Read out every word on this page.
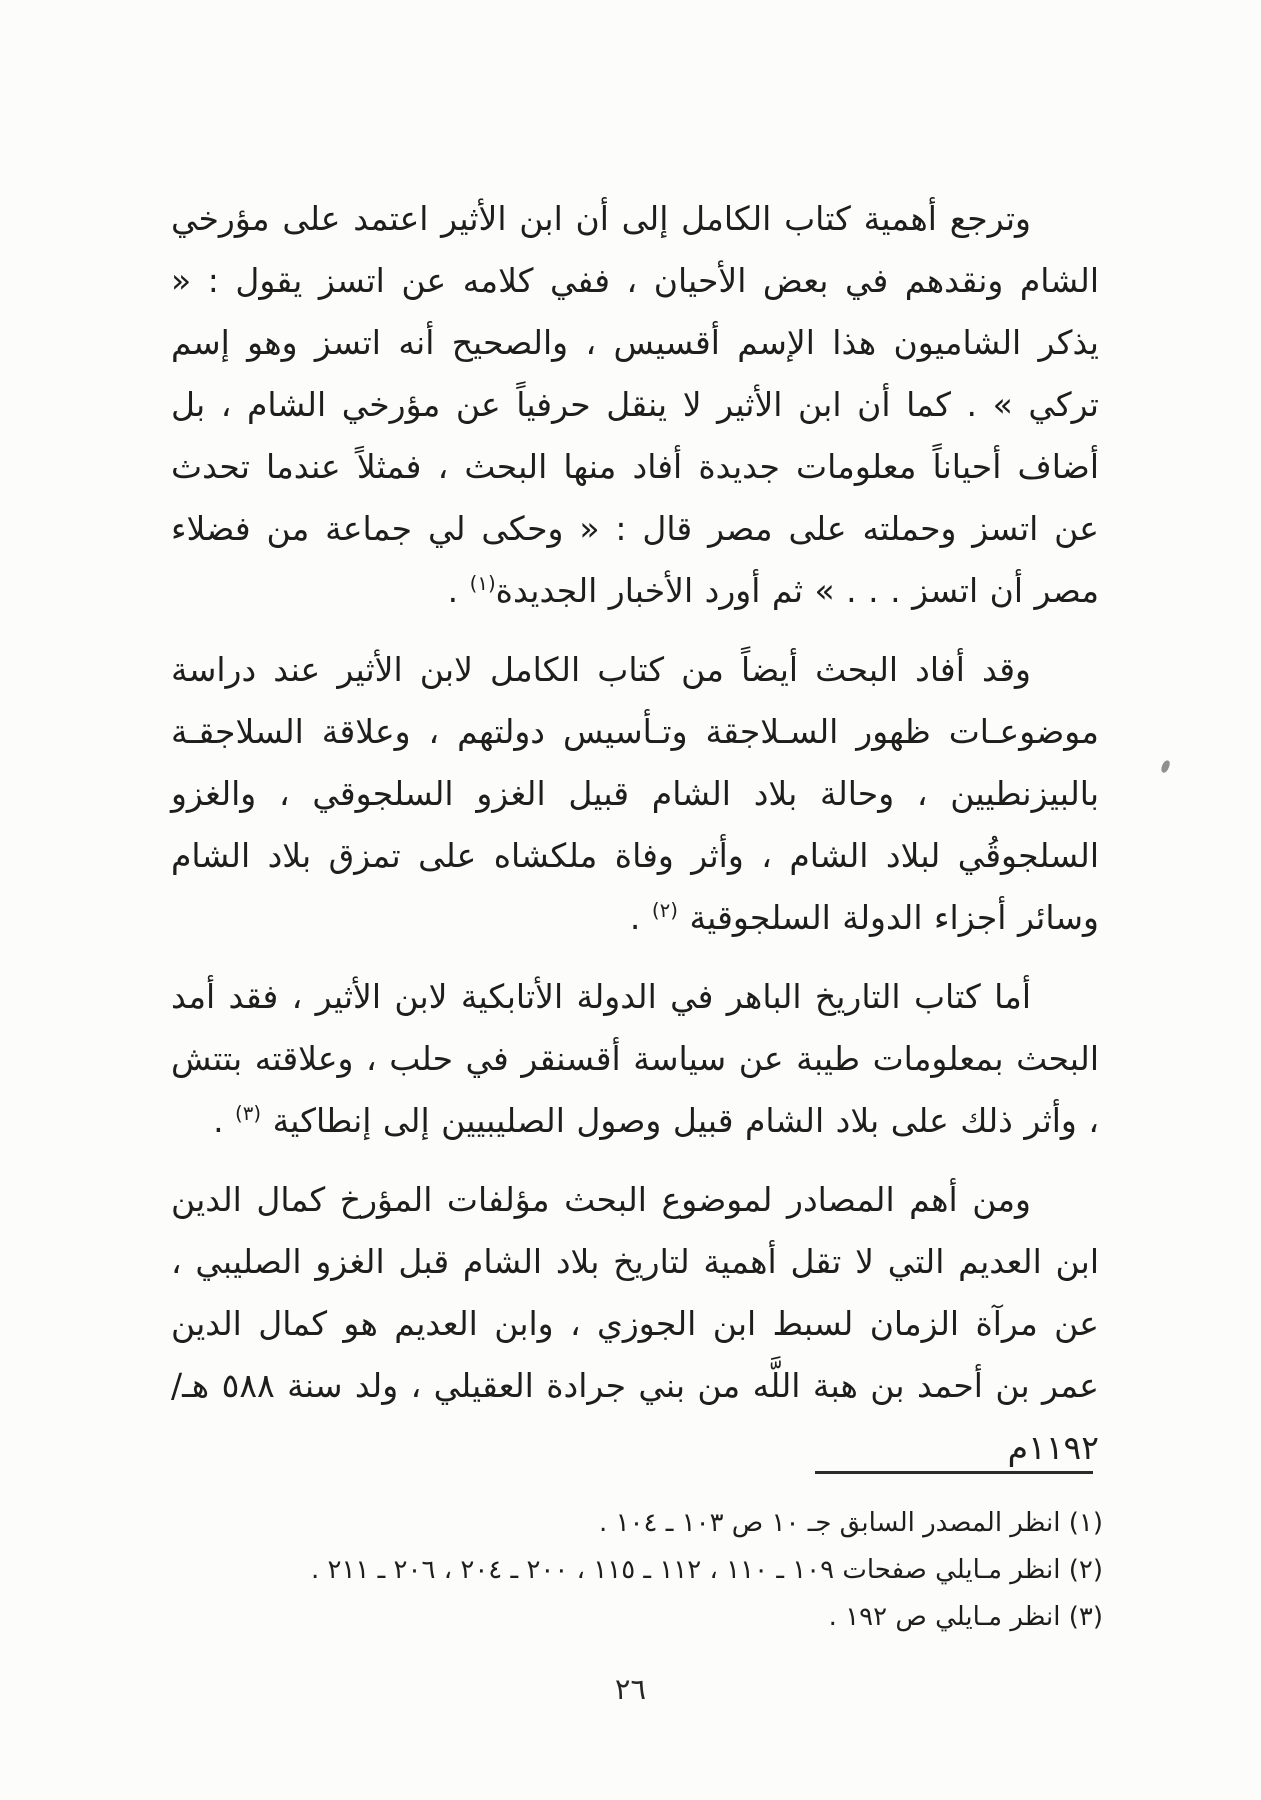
وترجع أهمية كتاب الكامل إلى أن ابن الأثير اعتمد على مؤرخي الشام ونقدهم في بعض الأحيان ، ففي كلامه عن اتسز يقول : « يذكر الشاميون هذا الإسم أقسيس ، والصحيح أنه اتسز وهو إسم تركي » . كما أن ابن الأثير لا ينقل حرفياً عن مؤرخي الشام ، بل أضاف أحياناً معلومات جديدة أفاد منها البحث ، فمثلاً عندما تحدث عن اتسز وحملته على مصر قال : « وحكى لي جماعة من فضلاء مصر أن اتسز . . . » ثم أورد الأخبار الجديدة$^{(١)}$ .

وقد أفاد البحث أيضاً من كتاب الكامل لابن الأثير عند دراسة موضوعـات ظهور السـلاجقة وتـأسيس دولتهم ، وعلاقة السلاجقـة بالبيزنطيين ، وحالة بلاد الشام قبيل الغزو السلجوقي ، والغزو السلجوقُي لبلاد الشام ، وأثر وفاة ملكشاه على تمزق بلاد الشام وسائر أجزاء الدولة السلجوقية $^{(٢)}$ .

أما كتاب التاريخ الباهر في الدولة الأتابكية لابن الأثير ، فقد أمد البحث بمعلومات طيبة عن سياسة أقسنقر في حلب ، وعلاقته بتتش ، وأثر ذلك على بلاد الشام قبيل وصول الصليبيين إلى إنطاكية $^{(٣)}$ .

ومن أهم المصادر لموضوع البحث مؤلفات المؤرخ كمال الدين ابن العديم التي لا تقل أهمية لتاريخ بلاد الشام قبل الغزو الصليبي ، عن مرآة الزمان لسبط ابن الجوزي ، وابن العديم هو كمال الدين عمر بن أحمد بن هبة اللَّه من بني جرادة العقيلي ، ولد سنة ٥٨٨ هـ/١١٩٢م

(١) انظر المصدر السابق جـ ١٠ ص ١٠٣ ـ ١٠٤ .
(٢) انظر مـايلي صفحات ١٠٩ ـ ١١٠ ، ١١٢ ـ ١١٥ ، ٢٠٠ ـ ٢٠٤ ، ٢٠٦ ـ ٢١١ .
(٣) انظر مـايلي ص ١٩٢ .
٢٦
